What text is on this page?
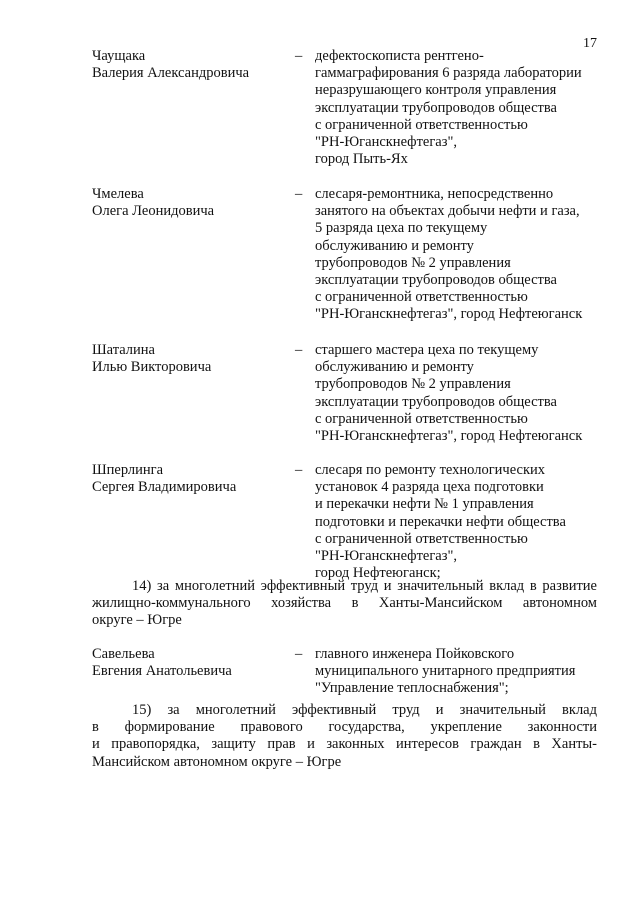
17
Чаущака
Валерия Александровича
– дефектоскописта рентгено-
гаммаграфирования 6 разряда лаборатории
неразрушающего контроля управления
эксплуатации трубопроводов общества
с ограниченной ответственностью
"РН-Юганскнефтегаз",
город Пыть-Ях
Чмелева
Олега Леонидовича
– слесаря-ремонтника, непосредственно
занятого на объектах добычи нефти и газа,
5 разряда цеха по текущему
обслуживанию и ремонту
трубопроводов № 2 управления
эксплуатации трубопроводов общества
с ограниченной ответственностью
"РН-Юганскнефтегаз", город Нефтеюганск
Шаталина
Илью Викторовича
– старшего мастера цеха по текущему
обслуживанию и ремонту
трубопроводов № 2 управления
эксплуатации трубопроводов общества
с ограниченной ответственностью
"РН-Юганскнефтегаз", город Нефтеюганск
Шперлинга
Сергея Владимировича
– слесаря по ремонту технологических
установок 4 разряда цеха подготовки
и перекачки нефти № 1 управления
подготовки и перекачки нефти общества
с ограниченной ответственностью
"РН-Юганскнефтегаз",
город Нефтеюганск;
14) за многолетний эффективный труд и значительный вклад в развитие
жилищно-коммунального хозяйства в Ханты-Мансийском автономном
округе – Югре
Савельева
Евгения Анатольевича
– главного инженера Пойковского
муниципального унитарного предприятия
"Управление теплоснабжения";
15) за многолетний эффективный труд и значительный вклад
в формирование правового государства, укрепление законности
и правопорядка, защиту прав и законных интересов граждан в Ханты-
Мансийском автономном округе – Югре
